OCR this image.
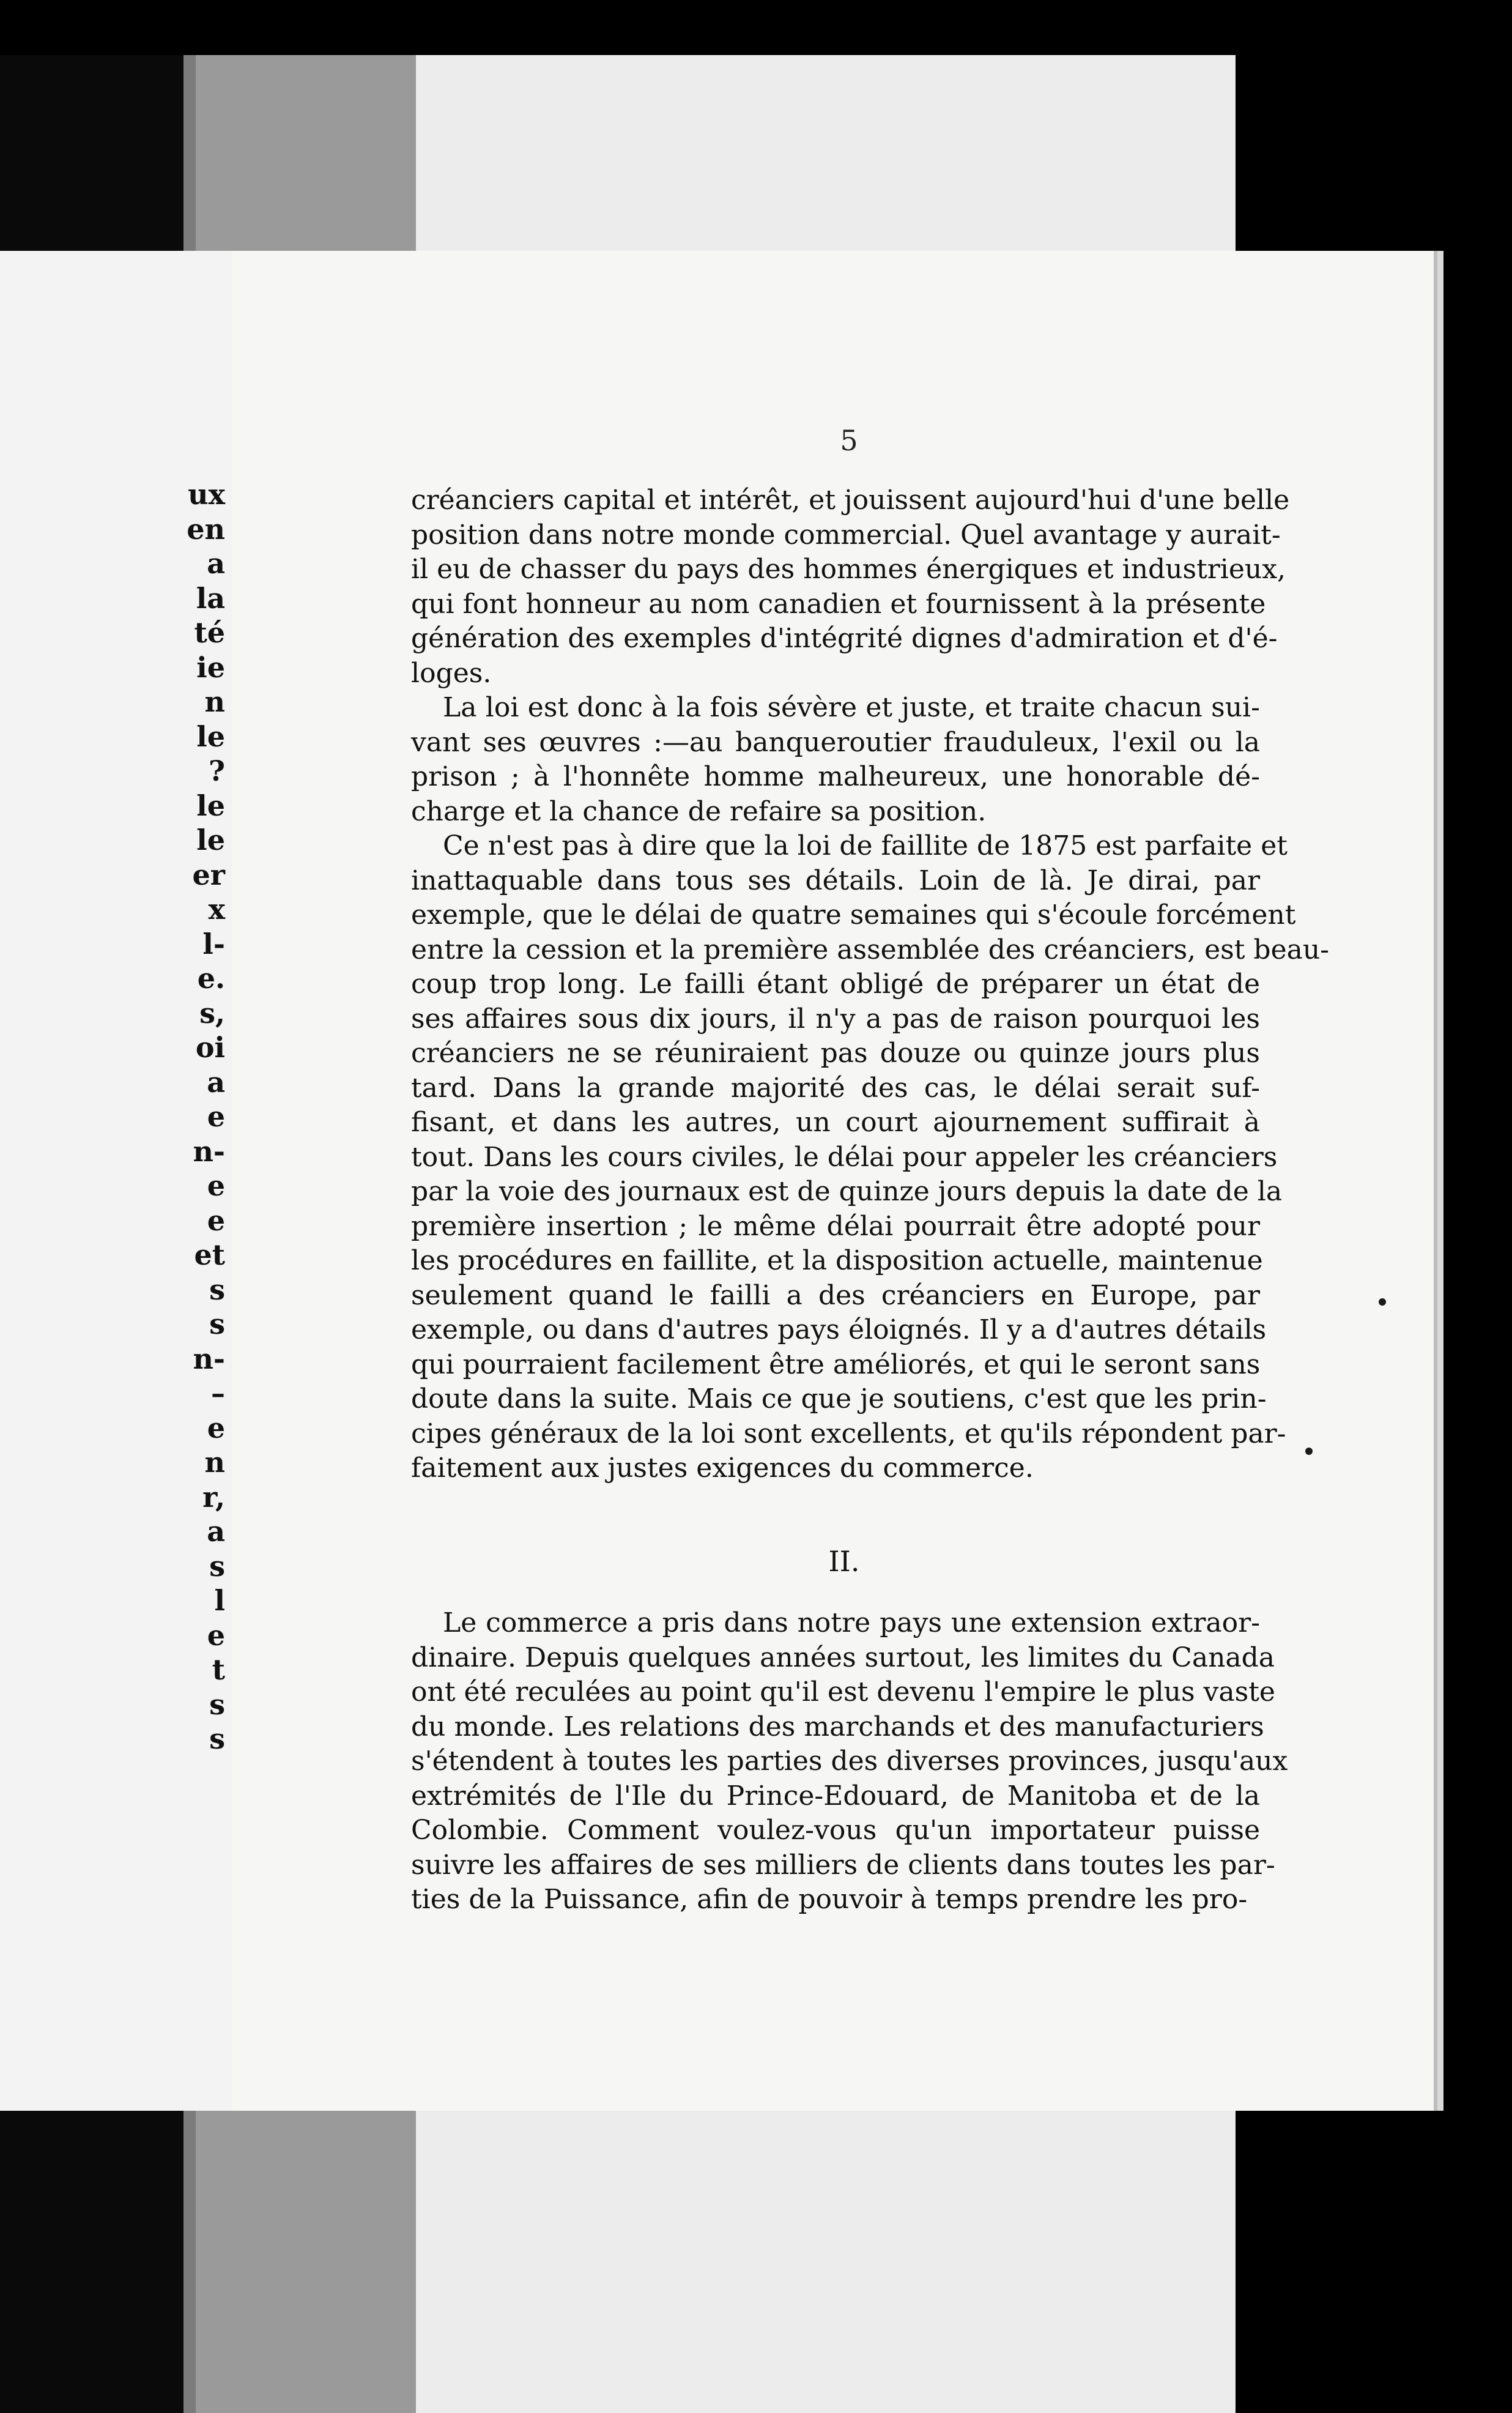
ux
en
a
la
té
ie
n
le
?
le
le
er
x
l-
e.
s,
oi
a
e
n-
e
e
et
s
s
n-
–
e
n
r,
a
s
l
e
t
s
s
5
créanciers capital et intérêt, et jouissent aujourd'hui d'une belle
position dans notre monde commercial. Quel avantage y aurait-
il eu de chasser du pays des hommes énergiques et industrieux,
qui font honneur au nom canadien et fournissent à la présente
génération des exemples d'intégrité dignes d'admiration et d'é-
loges.
La loi est donc à la fois sévère et juste, et traite chacun sui-
vant ses œuvres :—au banqueroutier frauduleux, l'exil ou la
prison ; à l'honnête homme malheureux, une honorable dé-
charge et la chance de refaire sa position.
Ce n'est pas à dire que la loi de faillite de 1875 est parfaite et
inattaquable dans tous ses détails. Loin de là. Je dirai, par
exemple, que le délai de quatre semaines qui s'écoule forcément
entre la cession et la première assemblée des créanciers, est beau-
coup trop long. Le failli étant obligé de préparer un état de
ses affaires sous dix jours, il n'y a pas de raison pourquoi les
créanciers ne se réuniraient pas douze ou quinze jours plus
tard. Dans la grande majorité des cas, le délai serait suf-
fisant, et dans les autres, un court ajournement suffirait à
tout. Dans les cours civiles, le délai pour appeler les créanciers
par la voie des journaux est de quinze jours depuis la date de la
première insertion ; le même délai pourrait être adopté pour
les procédures en faillite, et la disposition actuelle, maintenue
seulement quand le failli a des créanciers en Europe, par
exemple, ou dans d'autres pays éloignés. Il y a d'autres détails
qui pourraient facilement être améliorés, et qui le seront sans
doute dans la suite. Mais ce que je soutiens, c'est que les prin-
cipes généraux de la loi sont excellents, et qu'ils répondent par-
faitement aux justes exigences du commerce.
II.
Le commerce a pris dans notre pays une extension extraor-
dinaire. Depuis quelques années surtout, les limites du Canada
ont été reculées au point qu'il est devenu l'empire le plus vaste
du monde. Les relations des marchands et des manufacturiers
s'étendent à toutes les parties des diverses provinces, jusqu'aux
extrémités de l'Ile du Prince-Edouard, de Manitoba et de la
Colombie. Comment voulez-vous qu'un importateur puisse
suivre les affaires de ses milliers de clients dans toutes les par-
ties de la Puissance, afin de pouvoir à temps prendre les pro-
